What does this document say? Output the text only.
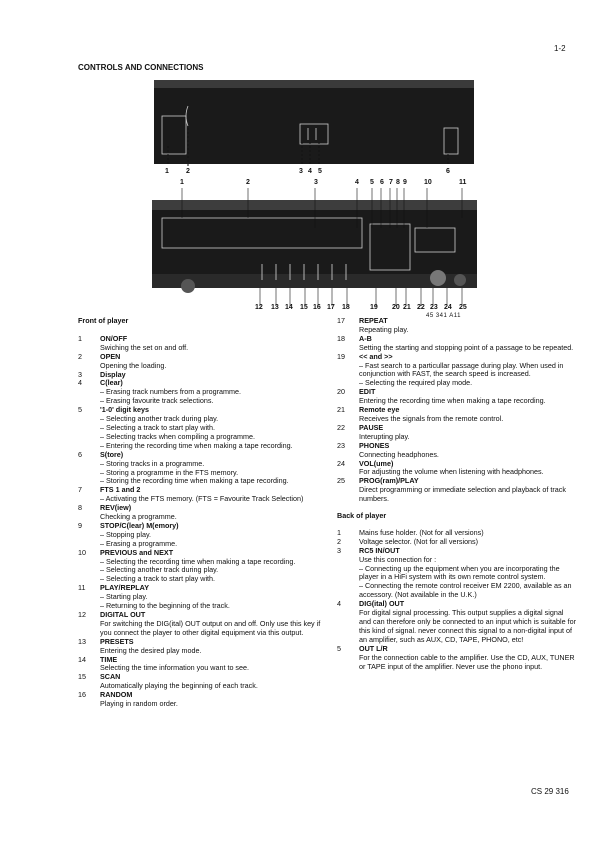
1-2
CONTROLS AND CONNECTIONS
1 2	3 4 5	6
1	2	3	4 5 6 7 8 9 10	11
12 13 14 15 16 17 18	19 20 21 22 23 24 25
45 341 A11
Front of player
1	ON/OFF
Swiching the set on and off.
2	OPEN
Opening the loading.
3	Display
4	C(lear)
– Erasing track numbers from a programme.
– Erasing favourite track selections.
5	'1-0' digit keys
– Selecting another track during play.
– Selecting a track to start play with.
– Selecting tracks when compiling a programme.
– Entering the recording time when making a tape recording.
6	S(tore)
– Storing tracks in a programme.
– Storing a programme in the FTS memory.
– Storing the recording time when making a tape recording.
7	FTS 1 and 2
– Activating the FTS memory. (FTS = Favourite Track Selection)
8	REV(iew)
Checking a programme.
9	STOP/C(lear) M(emory)
– Stopping play.
– Erasing a programme.
10	PREVIOUS and NEXT
– Selecting the recording time when making a tape recording.
– Selecting another track during play.
– Selecting a track to start play with.
11	PLAY/REPLAY
– Starting play.
– Returning to the beginning of the track.
12	DIGITAL OUT
For switching the DIG(ital) OUT output on and off. Only use this key if you connect the player to other digital equipment via this output.
13	PRESETS
Entering the desired play mode.
14	TIME
Selecting the time information you want to see.
15	SCAN
Automatically playing the beginning of each track.
16	RANDOM
Playing in random order.
17	REPEAT
Repeating play.
18	A-B
Setting the starting and stopping point of a passage to be repeated.
19	<< and >>
– Fast search to a particullar passage during play. When used in conjunction with FAST, the search speed is increased.
– Selecting the required play mode.
20	EDIT
Entering the recording time when making a tape recording.
21	Remote eye
Receives the signals from the remote control.
22	PAUSE
Interupting play.
23	PHONES
Connecting headphones.
24	VOL(ume)
For adjusting the volume when listening with headphones.
25	PROG(ram)/PLAY
Direct programming or immediate selection and playback of track numbers.
Back of player
1	Mains fuse holder. (Not for all versions)
2	Voltage selector. (Not for all versions)
3	RC5 IN/OUT
Use this connection for :
– Connecting up the equipment when you are incorporating the player in a HiFi system with its own remote control system.
– Connecting the remote control receiver EM 2200, available as an accessory. (Not available in the U.K.)
4	DIG(ital) OUT
For digital signal processing. This output supplies a digital signal and can therefore only be connected to an input which is suitable for this kind of signal. never connect this signal to a non-digital input of an amplifier, such as AUX, CD, TAPE, PHONO, etc!
5	OUT L/R
For the connection cable to the amplifier. Use the CD, AUX, TUNER or TAPE input of the amplifier. Never use the phono input.
CS 29 316
